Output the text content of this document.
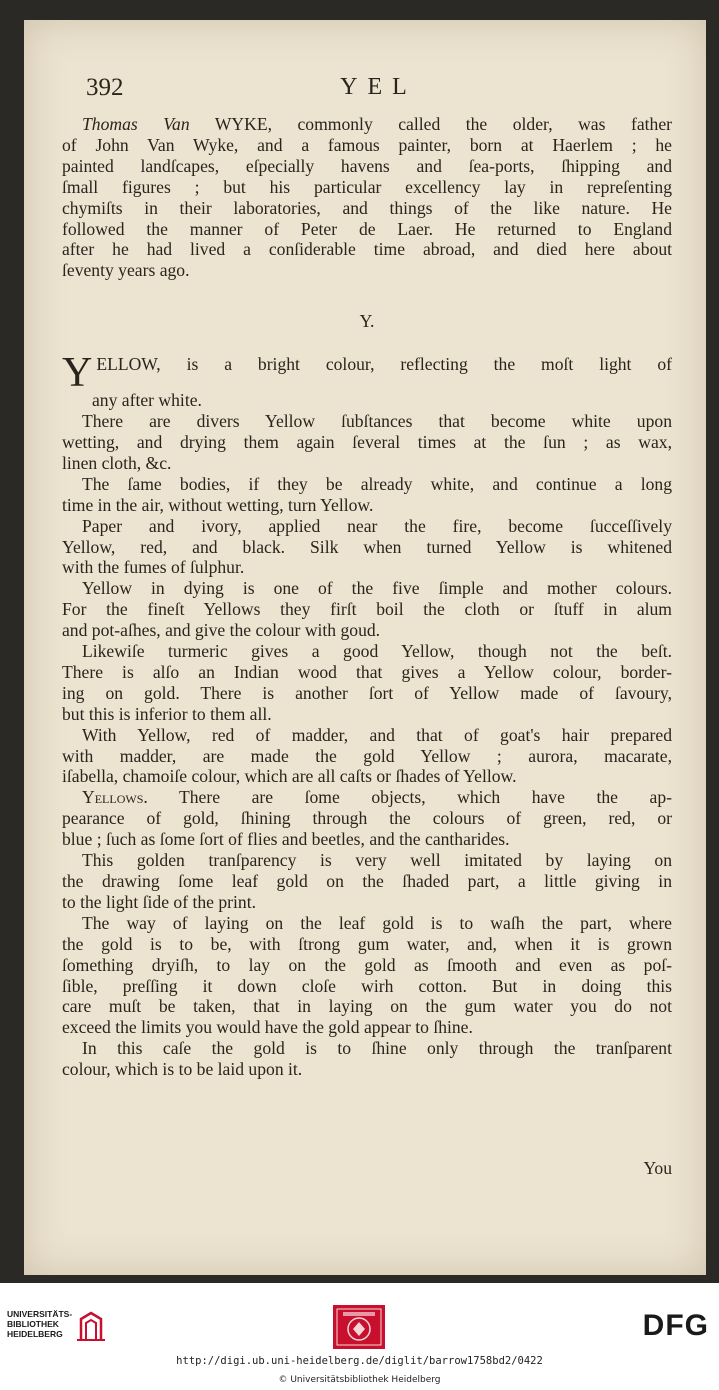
392	YEL
Thomas Van WYKE, commonly called the older, was father
of John Van Wyke, and a famous painter, born at Haerlem ; he
painted landſcapes, eſpecially havens and ſea-ports, ſhipping and
ſmall figures ; but his particular excellency lay in repreſenting
chymiſts in their laboratories, and things of the like nature. He
followed the manner of Peter de Laer. He returned to England
after he had lived a conſiderable time abroad, and died here about
ſeventy years ago.
Y.
YELLOW, is a bright colour, reflecting the moſt light of
any after white.
There are divers Yellow ſubſtances that become white upon
wetting, and drying them again ſeveral times at the ſun ; as wax,
linen cloth, &c.
The ſame bodies, if they be already white, and continue a long
time in the air, without wetting, turn Yellow.
Paper and ivory, applied near the fire, become ſucceſſively
Yellow, red, and black. Silk when turned Yellow is whitened
with the fumes of ſulphur.
Yellow in dying is one of the five ſimple and mother colours.
For the fineſt Yellows they firſt boil the cloth or ſtuff in alum
and pot-aſhes, and give the colour with goud.
Likewiſe turmeric gives a good Yellow, though not the beſt.
There is alſo an Indian wood that gives a Yellow colour, border-
ing on gold. There is another ſort of Yellow made of ſavoury,
but this is inferior to them all.
With Yellow, red of madder, and that of goat's hair prepared
with madder, are made the gold Yellow ; aurora, macarate,
iſabella, chamoiſe colour, which are all caſts or ſhades of Yellow.
Yellows. There are ſome objects, which have the ap-
pearance of gold, ſhining through the colours of green, red, or
blue ; ſuch as ſome ſort of flies and beetles, and the cantharides.
This golden tranſparency is very well imitated by laying on
the drawing ſome leaf gold on the ſhaded part, a little giving in
to the light ſide of the print.
The way of laying on the leaf gold is to waſh the part, where
the gold is to be, with ſtrong gum water, and, when it is grown
ſomething dryiſh, to lay on the gold as ſmooth and even as poſ-
ſible, preſſing it down cloſe wirh cotton. But in doing this
care muſt be taken, that in laying on the gum water you do not
exceed the limits you would have the gold appear to ſhine.
In this caſe the gold is to ſhine only through the tranſparent
colour, which is to be laid upon it.
You
UNIVERSITÄTS-
BIBLIOTHEK
HEIDELBERG	DFG
http://digi.ub.uni-heidelberg.de/diglit/barrow1758bd2/0422
© Universitätsbibliothek Heidelberg
